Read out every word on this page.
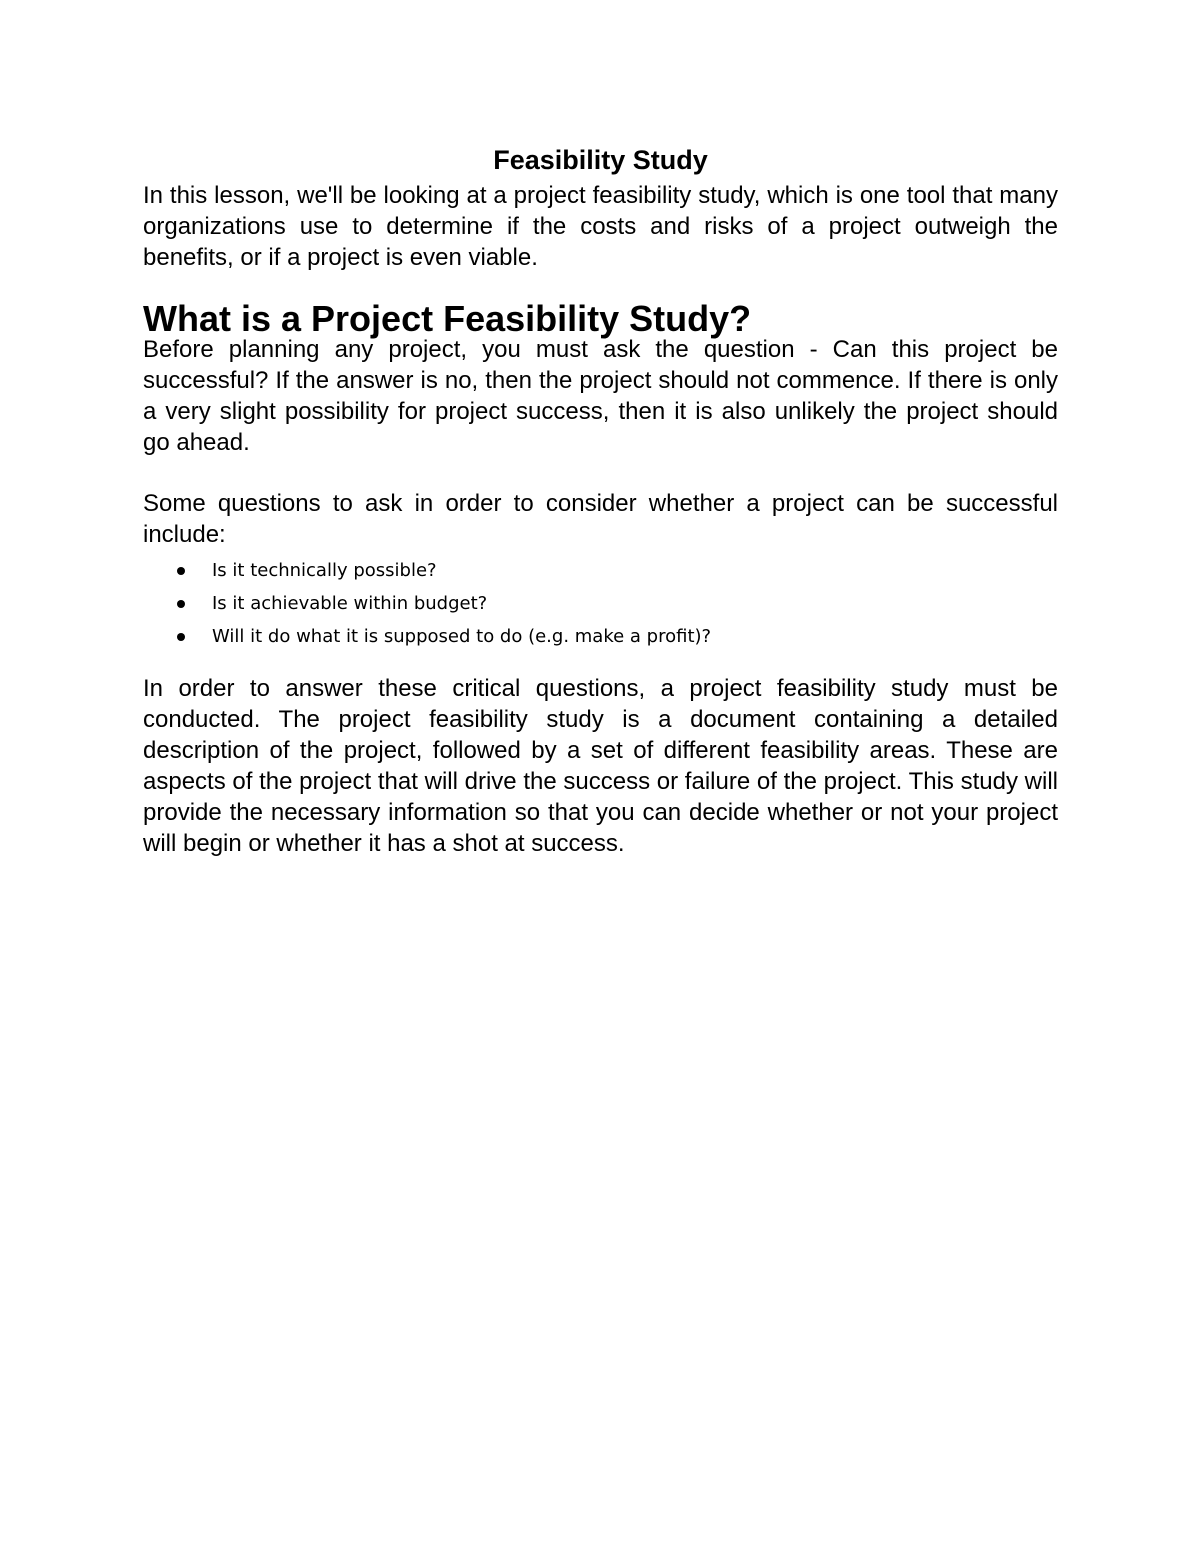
Feasibility Study

In this lesson, we'll be looking at a project feasibility study, which is one tool that many organizations use to determine if the costs and risks of a project outweigh the benefits, or if a project is even viable.

What is a Project Feasibility Study?

Before planning any project, you must ask the question - Can this project be successful? If the answer is no, then the project should not commence. If there is only a very slight possibility for project success, then it is also unlikely the project should go ahead.

Some questions to ask in order to consider whether a project can be successful include:

Is it technically possible?
Is it achievable within budget?
Will it do what it is supposed to do (e.g. make a profit)?

In order to answer these critical questions, a project feasibility study must be conducted. The project feasibility study is a document containing a detailed description of the project, followed by a set of different feasibility areas. These are aspects of the project that will drive the success or failure of the project. This study will provide the necessary information so that you can decide whether or not your project will begin or whether it has a shot at success.
